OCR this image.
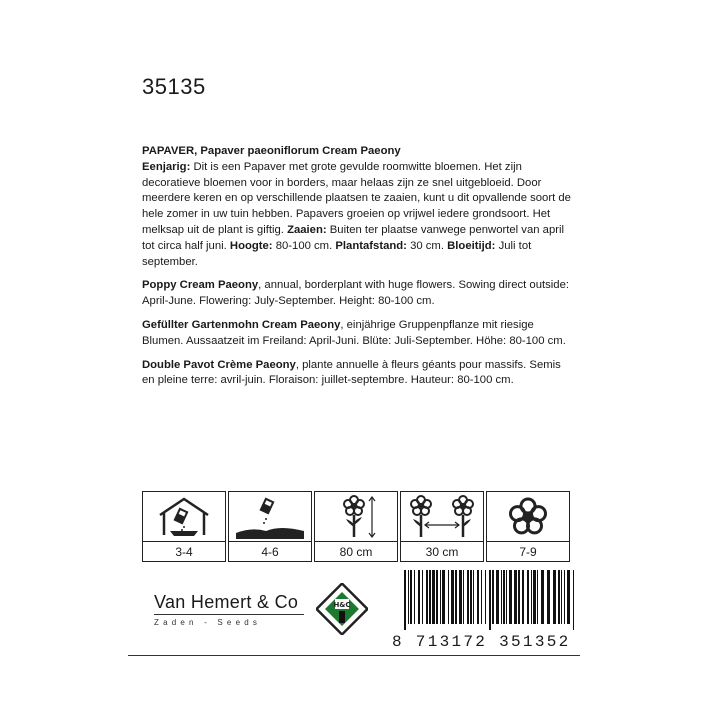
35135

PAPAVER, Papaver paeoniflorum Cream Paeony
Eenjarig: Dit is een Papaver met grote gevulde roomwitte bloemen. Het zijn decoratieve bloemen voor in borders, maar helaas zijn ze snel uitgebloeid. Door meerdere keren en op verschillende plaatsen te zaaien, kunt u dit opvallende soort de hele zomer in uw tuin hebben. Papavers groeien op vrijwel iedere grondsoort. Het melksap uit de plant is giftig. Zaaien: Buiten ter plaatse vanwege penwortel van april tot circa half juni. Hoogte: 80-100 cm. Plantafstand: 30 cm. Bloeitijd: Juli tot september.

Poppy Cream Paeony, annual, borderplant with huge flowers. Sowing direct outside: April-June. Flowering: July-September. Height: 80-100 cm.

Gefüllter Gartenmohn Cream Paeony, einjährige Gruppenpflanze mit riesige Blumen. Aussaatzeit im Freiland: April-Juni. Blüte: Juli-September. Höhe: 80-100 cm.

Double Pavot Crème Paeony, plante annuelle à fleurs géants pour massifs. Semis en pleine terre: avril-juin. Floraison: juillet-septembre. Hauteur: 80-100 cm.

3-4	4-6	80 cm	30 cm	7-9
Van Hemert & Co
Zaden - Seeds
H&C
8 713172 351352
